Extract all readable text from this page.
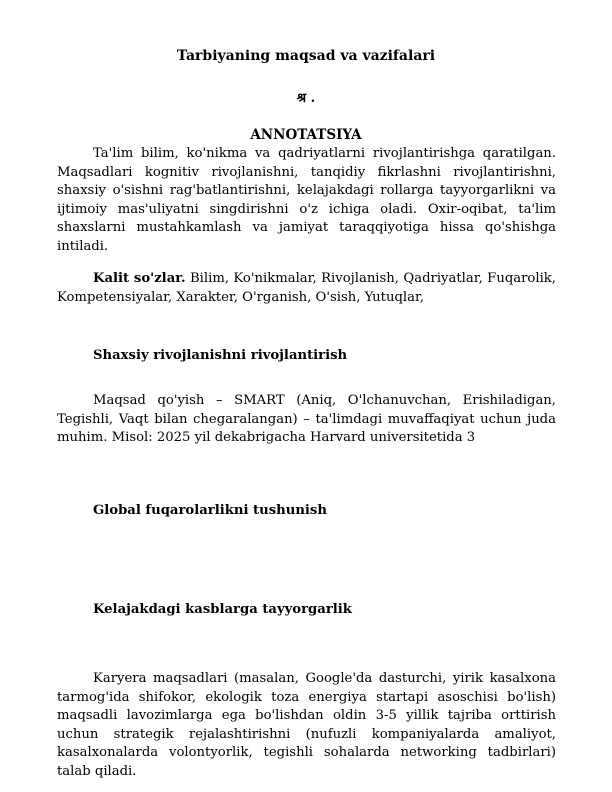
Tarbiyaning maqsad va vazifalari
श्र .
ANNOTATSIYA

Ta'lim bilim, ko'nikma va qadriyatlarni rivojlantirishga qaratilgan. Maqsadlari kognitiv rivojlanishni, tanqidiy fikrlashni rivojlantirishni, shaxsiy o'sishni rag'batlantirishni, kelajakdagi rollarga tayyorgarlikni va ijtimoiy mas'uliyatni singdirishni o'z ichiga oladi. Oxir-oqibat, ta'lim shaxslarni mustahkamlash va jamiyat taraqqiyotiga hissa qo'shishga intiladi.

Kalit so'zlar. Bilim, Ko'nikmalar, Rivojlanish, Qadriyatlar, Fuqarolik, Kompetensiyalar, Xarakter, O'rganish, O'sish, Yutuqlar,

Shaxsiy rivojlanishni rivojlantirish

Maqsad qo'yish – SMART (Aniq, O'lchanuvchan, Erishiladigan, Tegishli, Vaqt bilan chegaralangan) – ta'limdagi muvaffaqiyat uchun juda muhim. Misol: 2025 yil dekabrigacha Harvard universitetida 3

Global fuqarolarlikni tushunish
Kelajakdagi kasblarga tayyorgarlik

Karyera maqsadlari (masalan, Google'da dasturchi, yirik kasalxona tarmog'ida shifokor, ekologik toza energiya startapi asoschisi bo'lish) maqsadli lavozimlarga ega bo'lishdan oldin 3-5 yillik tajriba orttirish uchun strategik rejalashtirishni (nufuzli kompaniyalarda amaliyot, kasalxonalarda volontyorlik, tegishli sohalarda networking tadbirlari) talab qiladi.
